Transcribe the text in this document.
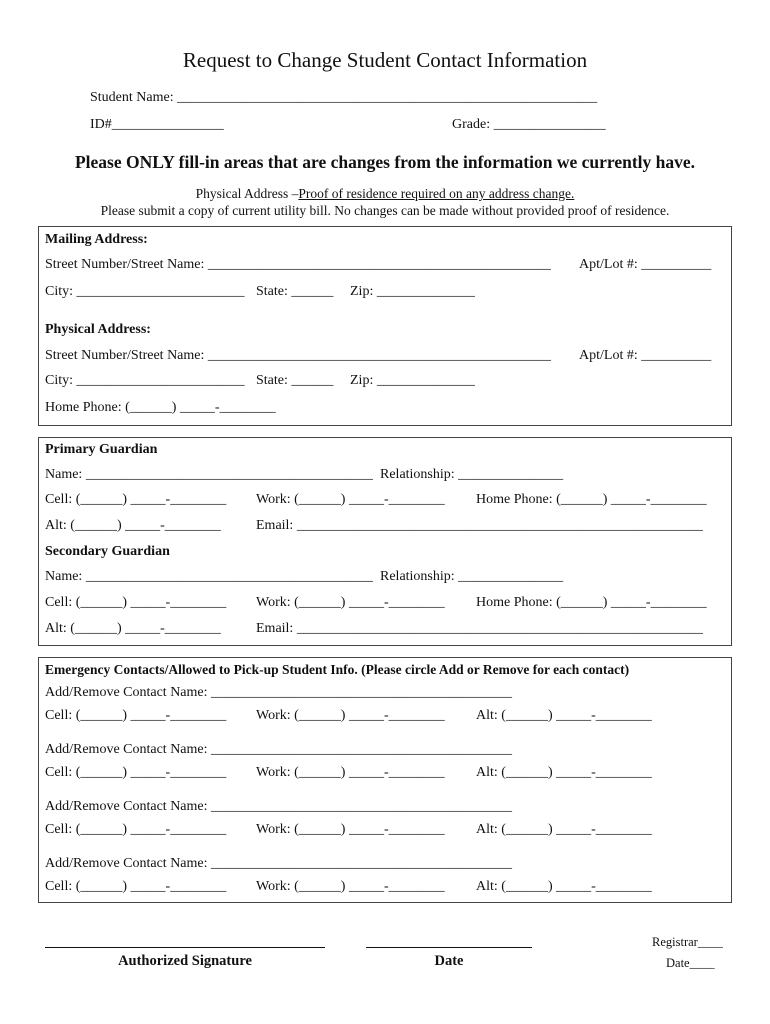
Request to Change Student Contact Information
Student Name: ____________________________________________________________
ID#________________	Grade: ________________
Please ONLY fill-in areas that are changes from the information we currently have.
Physical Address –Proof of residence required on any address change.
Please submit a copy of current utility bill. No changes can be made without provided proof of residence.
Mailing Address:
Street Number/Street Name: _________________________________________________ Apt/Lot #: __________
City: ________________________ State: ______ Zip: ______________
Physical Address:
Street Number/Street Name: _________________________________________________ Apt/Lot #: __________
City: ________________________ State: ______ Zip: ______________
Home Phone: (______) _____-________
Primary Guardian
Name: _________________________________________ Relationship: _______________
Cell: (______) _____-________ Work: (______) _____-________ Home Phone: (______) _____-________
Alt: (______) _____-________	Email: __________________________________________________________
Secondary Guardian
Name: _________________________________________ Relationship: _______________
Cell: (______) _____-________ Work: (______) _____-________ Home Phone: (______) _____-________
Alt: (______) _____-________	Email: __________________________________________________________
Emergency Contacts/Allowed to Pick-up Student Info. (Please circle Add or Remove for each contact)
Add/Remove Contact Name: ___________________________________________
Cell: (______) _____-________ Work: (______) _____-________ Alt: (______) _____-________
Add/Remove Contact Name: ___________________________________________
Cell: (______) _____-________ Work: (______) _____-________ Alt: (______) _____-________
Add/Remove Contact Name: ___________________________________________
Cell: (______) _____-________ Work: (______) _____-________ Alt: (______) _____-________
Add/Remove Contact Name: ___________________________________________
Cell: (______) _____-________ Work: (______) _____-________ Alt: (______) _____-________
Authorized Signature	Date
Registrar____
Date____
